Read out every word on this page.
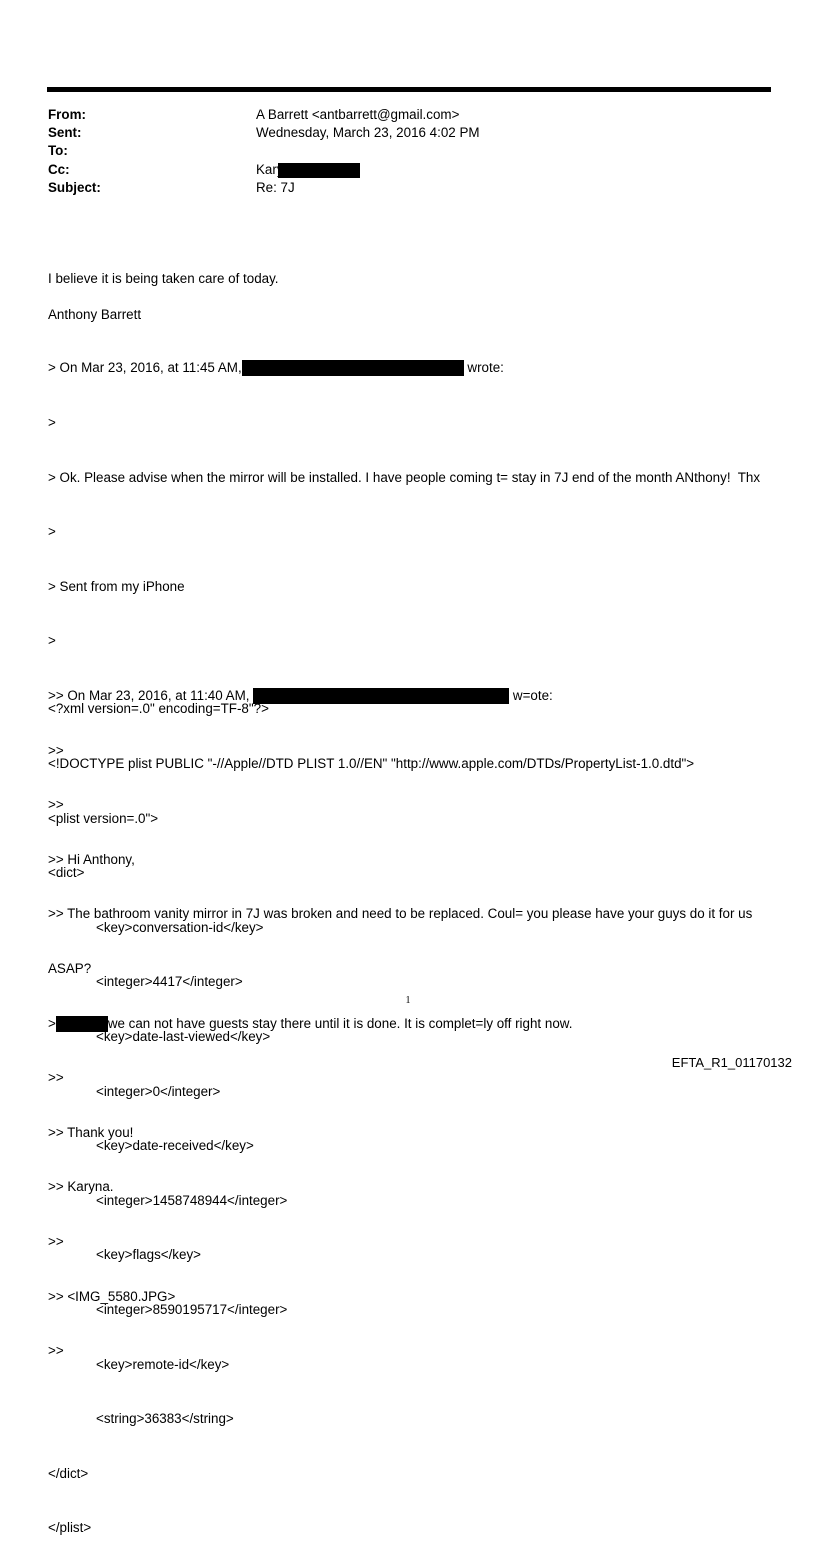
From:	A Barrett <antbarrett@gmail.com>
Sent:	Wednesday, March 23, 2016 4:02 PM
To:

Cc:	Karyna Shuliak
Subject:	Re: 7J

I believe it is being taken care of today.

Anthony Barrett

> On Mar 23, 2016, at 11:45 AM,	wrote:

>

> Ok. Please advise when the mirror will be installed. I have people coming t= stay in 7J end of the month ANthony!  Thx

>

> Sent from my iPhone

>

>> On Mar 23, 2016, at 11:40 AM,	w=ote:

>>

>>

>> Hi Anthony,

>> The bathroom vanity mirror in 7J was broken and need to be replaced. Coul= you please have your guys do it for us

ASAP?

>	we can not have guests stay there until it is done. It is complet=ly off right now.

>>

>> Thank you!

>> Karyna.

>>

>> <IMG_5580.JPG>

>>

<?xml version=.0" encoding=TF-8"?>

<!DOCTYPE plist PUBLIC "-//Apple//DTD PLIST 1.0//EN" "http://www.apple.com/DTDs/PropertyList-1.0.dtd">

<plist version=.0">

<dict>

<key>conversation-id</key>

<integer>4417</integer>

<key>date-last-viewed</key>

<integer>0</integer>

<key>date-received</key>

<integer>1458748944</integer>

<key>flags</key>

<integer>8590195717</integer>

<key>remote-id</key>

<string>36383</string>

</dict>

</plist>

1
EFTA_R1_01170132
